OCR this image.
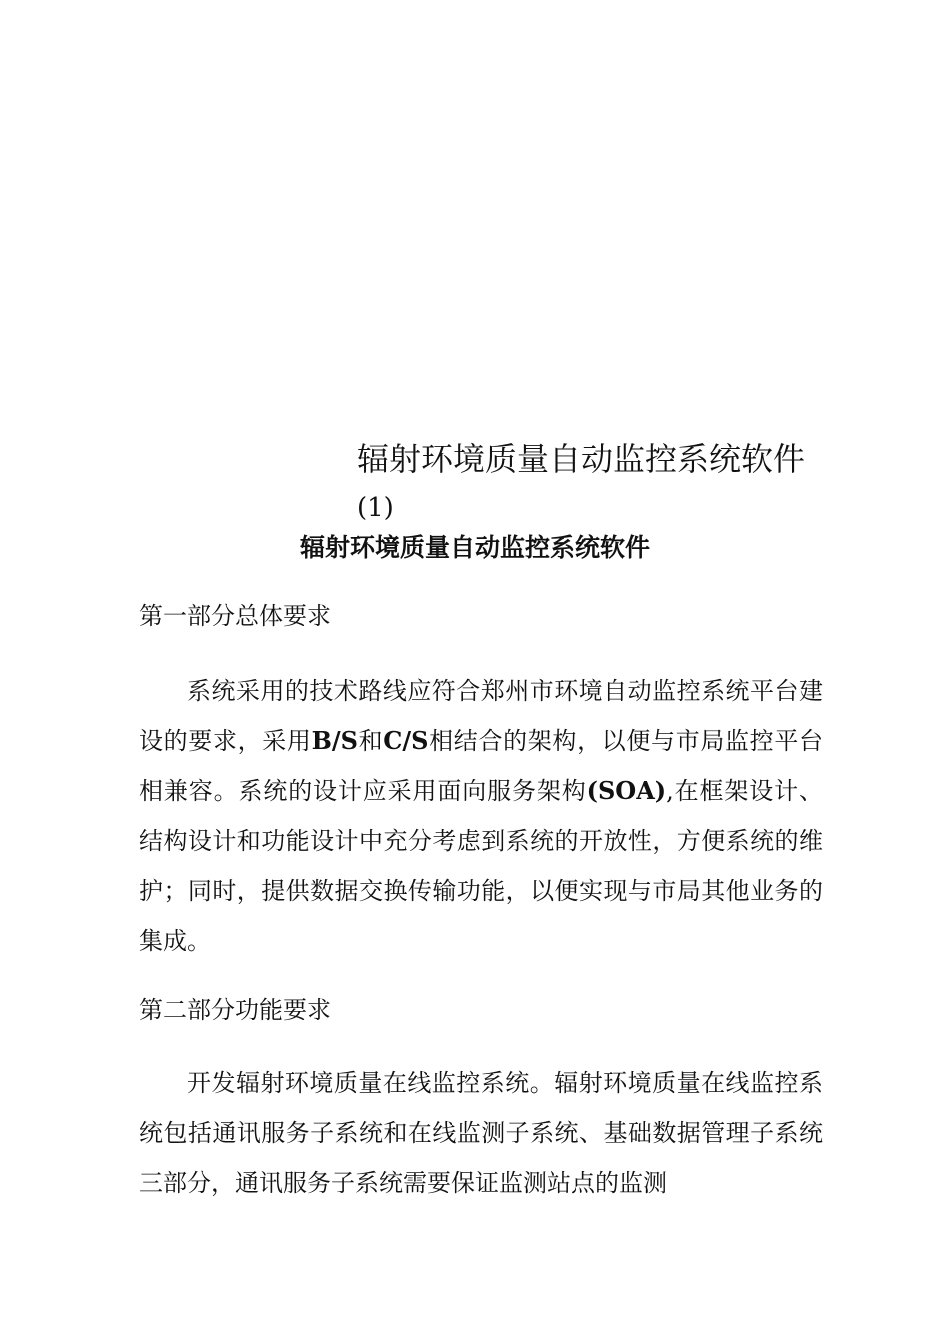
辐射环境质量自动监控系统软件
(1)
辐射环境质量自动监控系统软件
第一部分总体要求

系统采用的技术路线应符合郑州市环境自动监控系统平台建设的要求，采用B/S和C/S相结合的架构，以便与市局监控平台相兼容。系统的设计应采用面向服务架构(SOA),在框架设计、结构设计和功能设计中充分考虑到系统的开放性，方便系统的维护；同时，提供数据交换传输功能，以便实现与市局其他业务的集成。

第二部分功能要求

开发辐射环境质量在线监控系统。辐射环境质量在线监控系统包括通讯服务子系统和在线监测子系统、基础数据管理子系统三部分，通讯服务子系统需要保证监测站点的监测
